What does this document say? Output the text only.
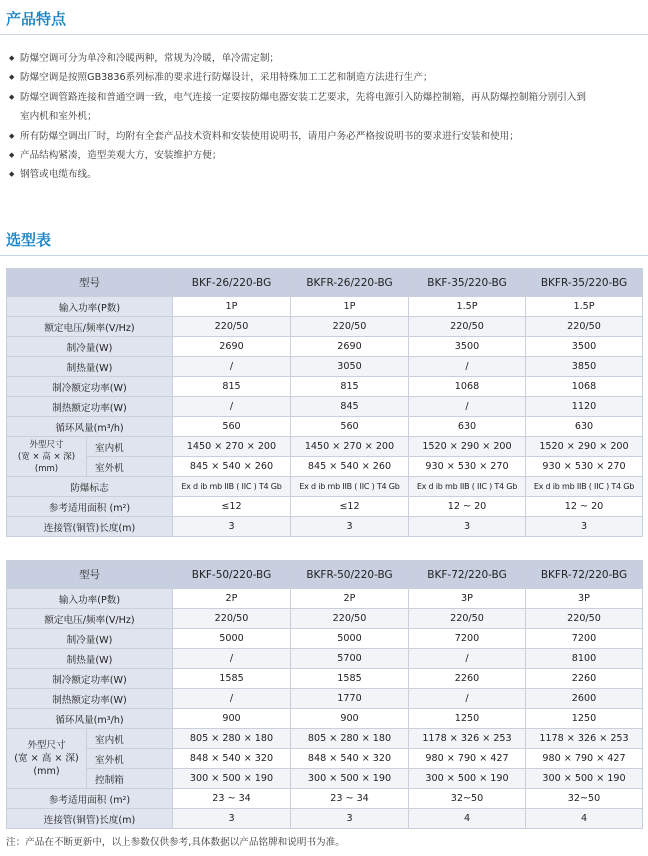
产品特点
◆ 防爆空调可分为单冷和冷暖两种，常规为冷暖，单冷需定制；
◆ 防爆空调是按照GB3836系列标准的要求进行防爆设计，采用特殊加工工艺和制造方法进行生产；
◆ 防爆空调管路连接和普通空调一致，电气连接一定要按防爆电器安装工艺要求，先将电源引入防爆控制箱，再从防爆控制箱分别引入到
室内机和室外机；
◆ 所有防爆空调出厂时，均附有全套产品技术资料和安装使用说明书，请用户务必严格按说明书的要求进行安装和使用；
◆ 产品结构紧凑，造型美观大方，安装维护方便；
◆ 钢管或电缆布线。
选型表
型号		BKF-26/220-BG	BKFR-26/220-BG	BKF-35/220-BG	BKFR-35/220-BG
输入功率(P数)		1P	1P	1.5P	1.5P
额定电压/频率(V/Hz)		220/50	220/50	220/50	220/50
制冷量(W)		2690	2690	3500	3500
制热量(W)		/	3050	/	3850
制冷额定功率(W)		815	815	1068	1068
制热额定功率(W)		/	845	/	1120
循环风量(m³/h)		560	560	630	630
外型尺寸
(宽 × 高 × 深)
(mm)	室内机	1450 × 270 × 200	1450 × 270 × 200	1520 × 290 × 200	1520 × 290 × 200
	室外机	845 × 540 × 260	845 × 540 × 260	930 × 530 × 270	930 × 530 × 270
防爆标志		Ex d ib mb IIB ( IIC ) T4 Gb	Ex d ib mb IIB ( IIC ) T4 Gb	Ex d ib mb IIB ( IIC ) T4 Gb	Ex d ib mb IIB ( IIC ) T4 Gb
参考适用面积 (m²)		≤12	≤12	12 ~ 20	12 ~ 20
连接管(铜管)长度(m)		3	3	3	3
型号		BKF-50/220-BG	BKFR-50/220-BG	BKF-72/220-BG	BKFR-72/220-BG
输入功率(P数)		2P	2P	3P	3P
额定电压/频率(V/Hz)		220/50	220/50	220/50	220/50
制冷量(W)		5000	5000	7200	7200
制热量(W)		/	5700	/	8100
制冷额定功率(W)		1585	1585	2260	2260
制热额定功率(W)		/	1770	/	2600
循环风量(m³/h)		900	900	1250	1250
外型尺寸
(宽 × 高 × 深)
(mm)	室内机	805 × 280 × 180	805 × 280 × 180	1178 × 326 × 253	1178 × 326 × 253
	室外机	848 × 540 × 320	848 × 540 × 320	980 × 790 × 427	980 × 790 × 427
	控制箱	300 × 500 × 190	300 × 500 × 190	300 × 500 × 190	300 × 500 × 190
参考适用面积 (m²)		23 ~ 34	23 ~ 34	32~50	32~50
连接管(铜管)长度(m)		3	3	4	4

注：产品在不断更新中，以上参数仅供参考,具体数据以产品铭牌和说明书为准。
